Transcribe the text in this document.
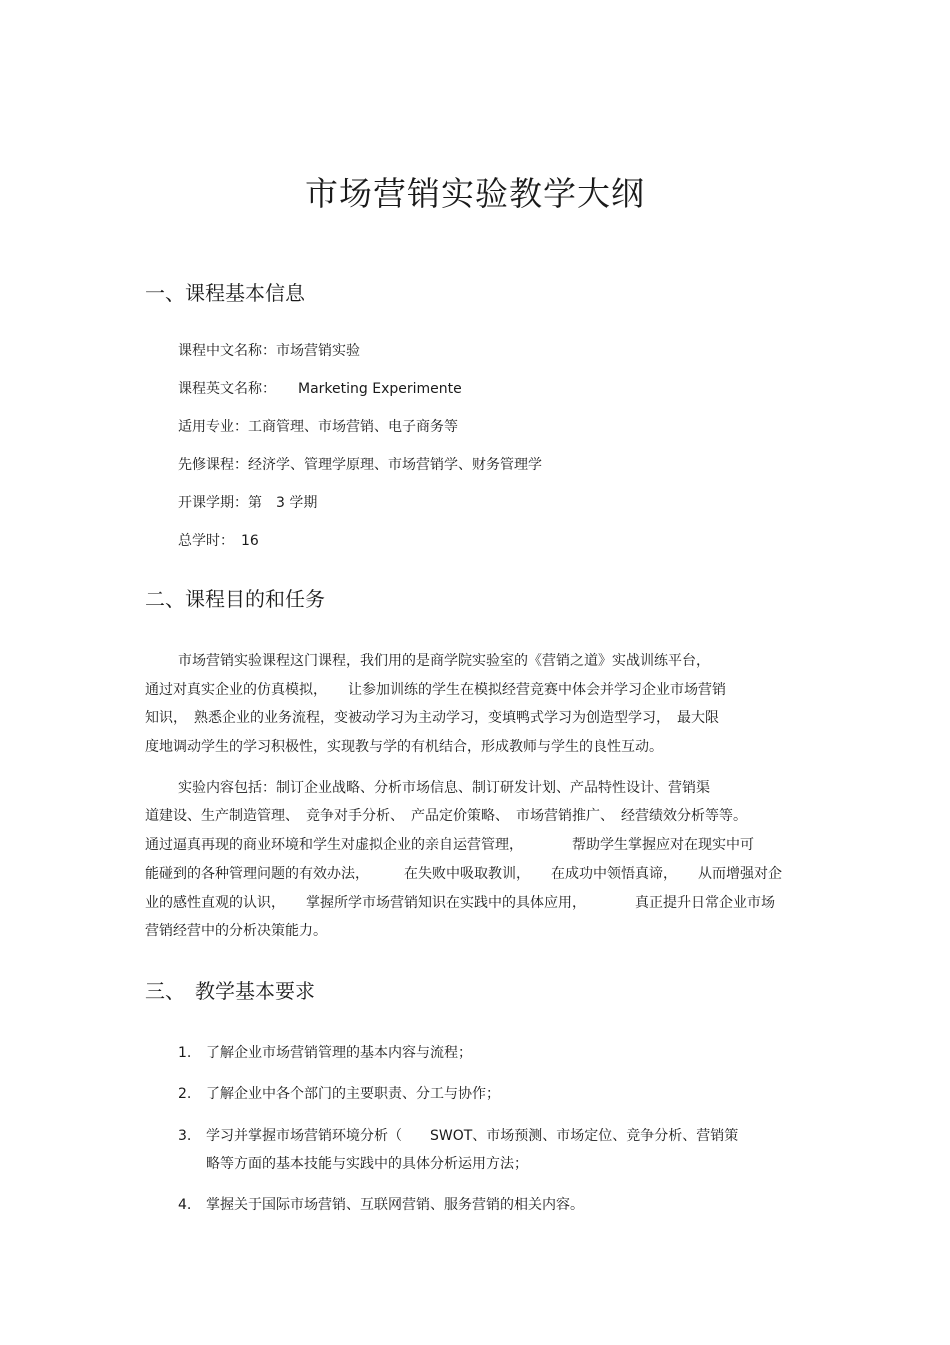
市场营销实验教学大纲
一、课程基本信息
课程中文名称：市场营销实验
课程英文名称： Marketing Experimente
适用专业：工商管理、市场营销、电子商务等
先修课程：经济学、管理学原理、市场营销学、财务管理学
开课学期：第　3 学期
总学时：　16
二、课程目的和任务
市场营销实验课程这门课程，我们用的是商学院实验室的《营销之道》实战训练平台，
通过对真实企业的仿真模拟，　　让参加训练的学生在模拟经营竞赛中体会并学习企业市场营销
知识，　熟悉企业的业务流程，变被动学习为主动学习，变填鸭式学习为创造型学习，　最大限
度地调动学生的学习积极性，实现教与学的有机结合，形成教师与学生的良性互动。
实验内容包括：制订企业战略、分析市场信息、制订研发计划、产品特性设计、营销渠
道建设、生产制造管理、　竞争对手分析、　产品定价策略、　市场营销推广、　经营绩效分析等等。
通过逼真再现的商业环境和学生对虚拟企业的亲自运营管理，　　　　帮助学生掌握应对在现实中可
能碰到的各种管理问题的有效办法，　　　在失败中吸取教训，　　在成功中领悟真谛，　　从而增强对企
业的感性直观的认识，　　掌握所学市场营销知识在实践中的具体应用，　　　　真正提升日常企业市场
营销经营中的分析决策能力。
三、　教学基本要求
1. 了解企业市场营销管理的基本内容与流程；
2. 了解企业中各个部门的主要职责、分工与协作；
3. 学习并掌握市场营销环境分析（　　SWOT、市场预测、市场定位、竞争分析、营销策
略等方面的基本技能与实践中的具体分析运用方法；
4. 掌握关于国际市场营销、互联网营销、服务营销的相关内容。
